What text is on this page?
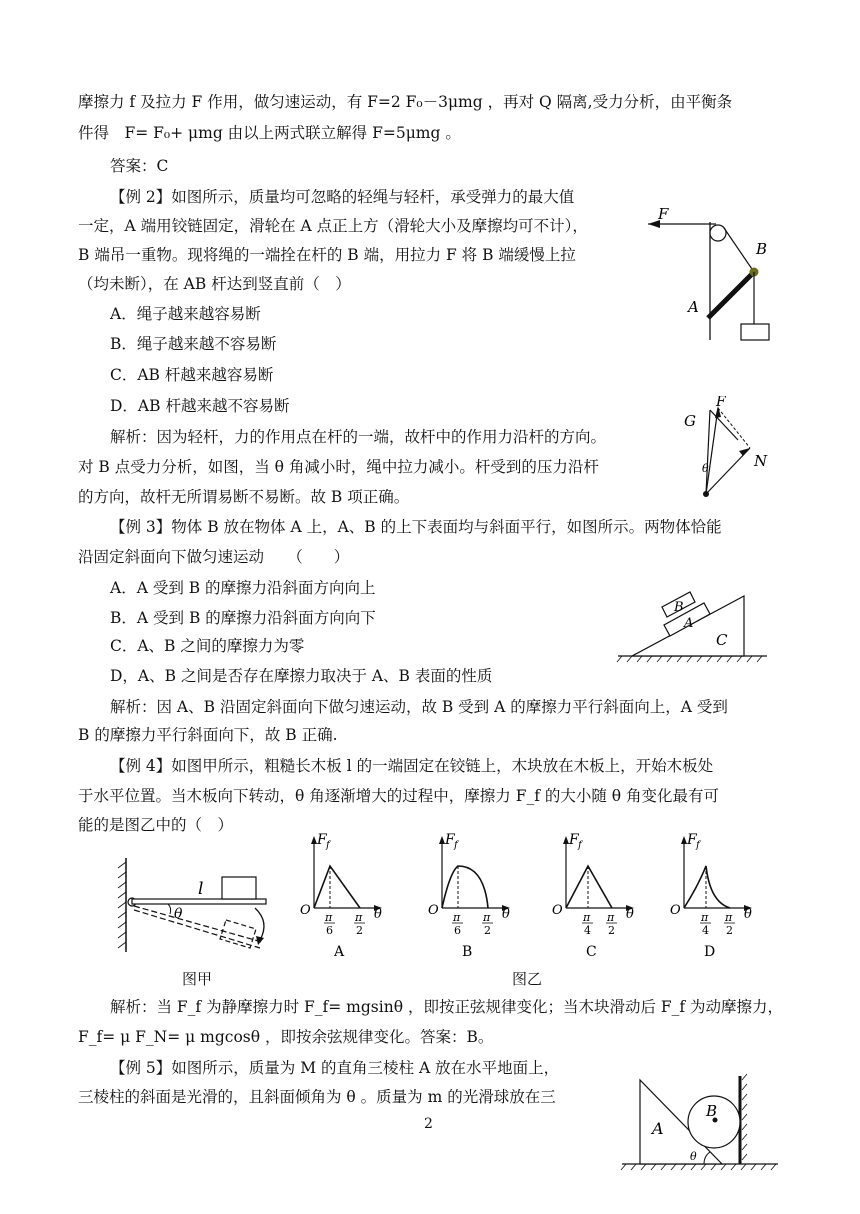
摩擦力 f 及拉力 F 作用，做匀速运动，有 F=2 F₀－3μmg ，再对 Q 隔离,受力分析，由平衡条
件得　F= F₀+ μmg 由以上两式联立解得 F=5μmg 。
答案：C
【例 2】如图所示，质量均可忽略的轻绳与轻杆，承受弹力的最大值
一定，A 端用铰链固定，滑轮在 A 点正上方（滑轮大小及摩擦均可不计），
B 端吊一重物。现将绳的一端拴在杆的 B 端，用拉力 F 将 B 端缓慢上拉
（均未断），在 AB 杆达到竖直前（　）
A．绳子越来越容易断
B．绳子越来越不容易断
C．AB 杆越来越容易断
D．AB 杆越来越不容易断
解析：因为轻杆，力的作用点在杆的一端，故杆中的作用力沿杆的方向。
对 B 点受力分析，如图，当 θ 角减小时，绳中拉力减小。杆受到的压力沿杆
的方向，故杆无所谓易断不易断。故 B 项正确。
【例 3】物体 B 放在物体 A 上，A、B 的上下表面均与斜面平行，如图所示。两物体恰能
沿固定斜面向下做匀速运动　　（　　）
A．A 受到 B 的摩擦力沿斜面方向向上
B．A 受到 B 的摩擦力沿斜面方向向下
C．A、B 之间的摩擦力为零
D，A、B 之间是否存在摩擦力取决于 A、B 表面的性质
解析：因 A、B 沿固定斜面向下做匀速运动，故 B 受到 A 的摩擦力平行斜面向上，A 受到
B 的摩擦力平行斜面向下，故 B 正确.
【例 4】如图甲所示，粗糙长木板 l 的一端固定在铰链上，木块放在木板上，开始木板处
于水平位置。当木板向下转动，θ 角逐渐增大的过程中，摩擦力 F_f 的大小随 θ 角变化最有可
能的是图乙中的（　）
解析：当 F_f 为静摩擦力时 F_f= mgsinθ ，即按正弦规律变化；当木块滑动后 F_f 为动摩擦力，
F_f= μ F_N= μ mgcosθ ，即按余弦规律变化。答案：B。
【例 5】如图所示，质量为 M 的直角三棱柱 A 放在水平地面上，
三棱柱的斜面是光滑的，且斜面倾角为 θ 。质量为 m 的光滑球放在三
F
B
A
G
F
N
θ
C
A
B
l
θ
F f
O π
6
π
2
θ
A
F f
O π
6
π
2
θ
B
F f
O π
4
π
2
θ
C
F f
O π
4
π
2
θ
D
图甲	图乙
A
B
θ
2
